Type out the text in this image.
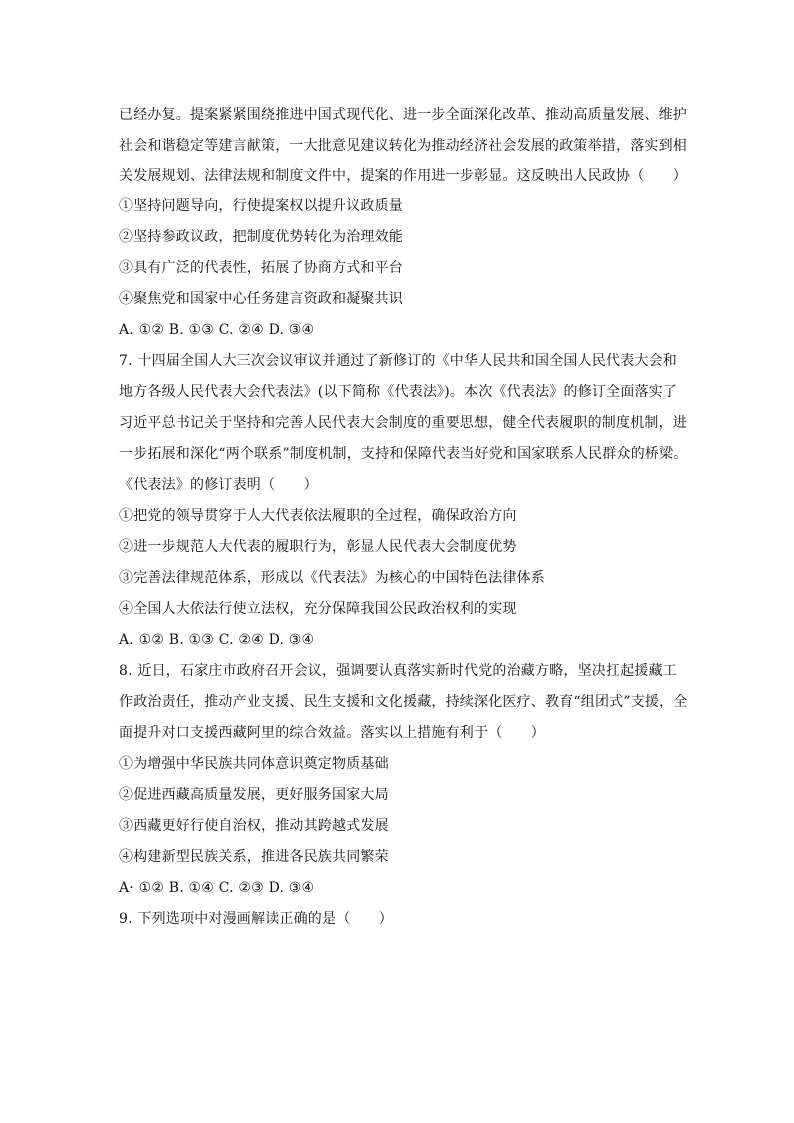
已经办复。提案紧紧围绕推进中国式现代化、进一步全面深化改革、推动高质量发展、维护
社会和谐稳定等建言献策，一大批意见建议转化为推动经济社会发展的政策举措，落实到相
关发展规划、法律法规和制度文件中，提案的作用进一步彰显。这反映出人民政协（　　）
①坚持问题导向，行使提案权以提升议政质量
②坚持参政议政，把制度优势转化为治理效能
③具有广泛的代表性，拓展了协商方式和平台
④聚焦党和国家中心任务建言资政和凝聚共识
A. ①② B. ①③ C. ②④ D. ③④
7. 十四届全国人大三次会议审议并通过了新修订的《中华人民共和国全国人民代表大会和
地方各级人民代表大会代表法》(以下简称《代表法》)。本次《代表法》的修订全面落实了
习近平总书记关于坚持和完善人民代表大会制度的重要思想，健全代表履职的制度机制，进
一步拓展和深化“两个联系”制度机制，支持和保障代表当好党和国家联系人民群众的桥梁。
《代表法》的修订表明（　　）
①把党的领导贯穿于人大代表依法履职的全过程，确保政治方向
②进一步规范人大代表的履职行为，彰显人民代表大会制度优势
③完善法律规范体系，形成以《代表法》为核心的中国特色法律体系
④全国人大依法行使立法权，充分保障我国公民政治权利的实现
A. ①② B. ①③ C. ②④ D. ③④
8. 近日，石家庄市政府召开会议，强调要认真落实新时代党的治藏方略，坚决扛起援藏工
作政治责任，推动产业支援、民生支援和文化援藏，持续深化医疗、教育“组团式”支援，全
面提升对口支援西藏阿里的综合效益。落实以上措施有利于（　　）
①为增强中华民族共同体意识奠定物质基础
②促进西藏高质量发展，更好服务国家大局
③西藏更好行使自治权，推动其跨越式发展
④构建新型民族关系，推进各民族共同繁荣
A· ①② B. ①④ C. ②③ D. ③④
9. 下列选项中对漫画解读正确的是（　　）
